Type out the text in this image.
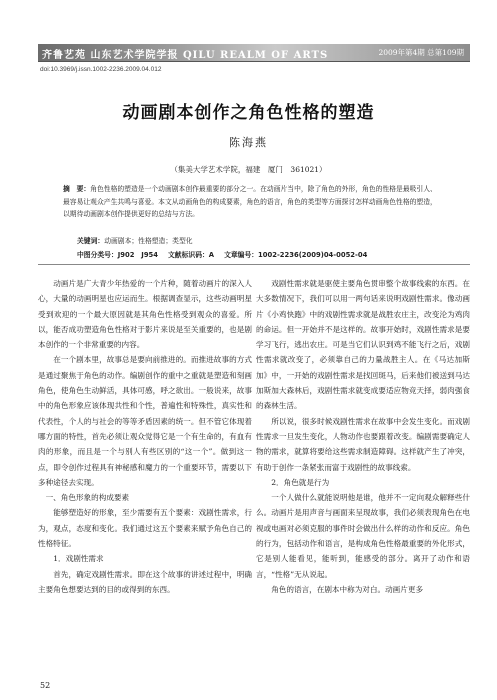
齐鲁艺苑 山东艺术学院学报 QILU REALM OF ARTS	2009年第4期 总第109期
doi:10.3969/j.issn.1002-2236.2009.04.012
动画剧本创作之角色性格的塑造
陈海燕
（集美大学艺术学院，福建　厦门　361021）
摘　要：角色性格的塑造是一个动画剧本创作最重要的部分之一。在动画片当中，除了角色的外形，角色的性格是最吸引人、最容易让观众产生共鸣与喜爱。本文从动画角色的构成要素，角色的语言，角色的类型等方面探讨怎样动画角色性格的塑造，以期待动画剧本创作提供更好的总结与方法。
关键词：动画剧本；性格塑造；类型化
中图分类号：J902　J954 文献标识码：A 文章编号：1002-2236(2009)04-0052-04

动画片是广大青少年热爱的一个片种，随着动画片的深入人心，大量的动画明星也应运而生。根据调查显示，这些动画明星受到欢迎的一个最大原因就是其角色性格受到观众的喜爱。所以，能否成功塑造角色性格对于影片来说是至关重要的，也是剧本创作的一个非常重要的内容。

在一个剧本里，故事总是要向前推进的。而推进故事的方式是通过聚焦于角色的动作。编剧创作的重中之重就是塑造和刻画角色，使角色生动鲜活，具体可感，呼之欲出。一般说来，故事中的角色形象应该体现共性和个性，普遍性和特殊性，真实性和代表性，个人的与社会的等等矛盾因素的统一。但不管它体现着哪方面的特性，首先必须让观众觉得它是一个有生命的，有血有肉的形象，而且是一个与别人有些区别的“这一个”。做到这一点，即令创作过程具有神秘感和魔力的一个重要环节，需要以下多种途径去实现。

一、角色形象的构成要素

能够塑造好的形象，至少需要有五个要素：戏剧性需求，行为，观点，态度和变化。我们通过这五个要素来赋予角色自己的性格特征。

1．戏剧性需求

首先，确定戏剧性需求。即在这个故事的讲述过程中，明确主要角色想要达到的目的或得到的东西。

戏剧性需求就是驱使主要角色贯串整个故事线索的东西。在大多数情况下，我们可以用一两句话来说明戏剧性需求。像动画片《小鸡快跑》中的戏剧性需求就是战胜农庄主，改变沦为鸡肉的命运。但一开始并不是这样的。故事开始时，戏剧性需求是要学习飞行，逃出农庄。可是当它们认识到鸡不能飞行之后，戏剧性需求就改变了，必须靠自己的力量战胜主人。在《马达加斯加》中，一开始的戏剧性需求是找回斑马，后来他们被送到马达加斯加大森林后，戏剧性需求就变成要适应物竞天择，弱肉强食的森林生活。

所以说，很多时候戏剧性需求在故事中会发生变化。而戏剧性需求一旦发生变化，人物动作也要跟着改变。编剧需要确定人物的需求，就算将要给这些需求制造障碍。这样就产生了冲突，有助于创作一条紧张而富于戏剧性的故事线索。

2．角色就是行为

一个人做什么就能说明他是谁，他并不一定向观众解释些什么。动画片是用声音与画面来呈现故事，我们必须表现角色在电视或电画对必须克服的事件时会做出什么样的动作和反应。角色的行为，包括动作和语言，是构成角色性格最重要的外化形式，它是别人能看见，能听到，能感受的部分。离开了动作和语言，“性格”无从说起。

角色的语言，在剧本中称为对白。动画片更多

52
